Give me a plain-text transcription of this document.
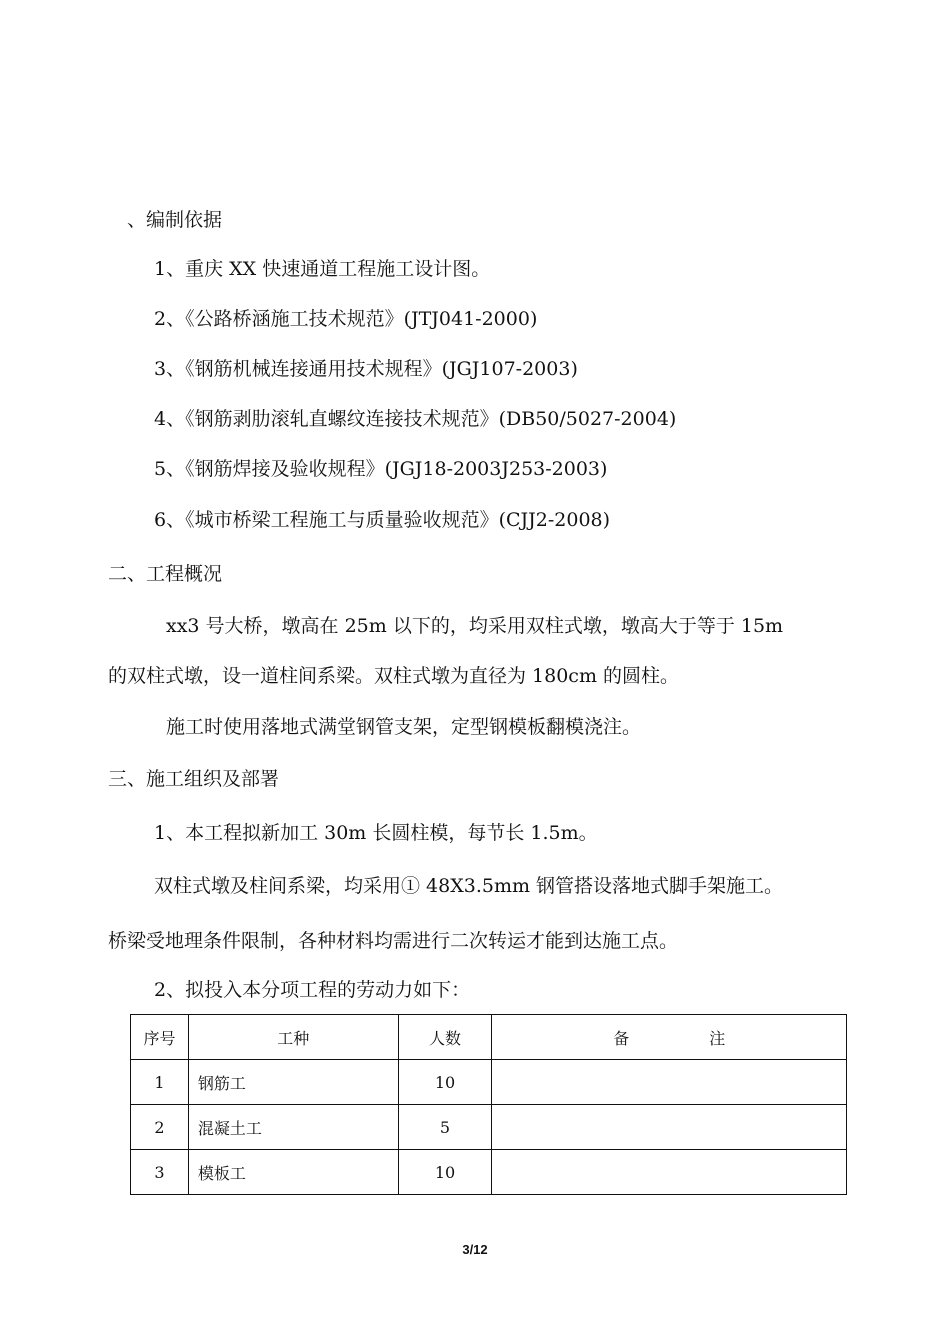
、编制依据
1、重庆 XX 快速通道工程施工设计图。
2、《公路桥涵施工技术规范》(JTJ041-2000)
3、《钢筋机械连接通用技术规程》(JGJ107-2003)
4、《钢筋剥肋滚轧直螺纹连接技术规范》(DB50/5027-2004)
5、《钢筋焊接及验收规程》(JGJ18-2003J253-2003)
6、《城市桥梁工程施工与质量验收规范》(CJJ2-2008)
二、工程概况
xx3 号大桥，墩高在 25m 以下的，均采用双柱式墩，墩高大于等于 15m
的双柱式墩，设一道柱间系梁。双柱式墩为直径为 180cm 的圆柱。
施工时使用落地式满堂钢管支架，定型钢模板翻模浇注。
三、施工组织及部署
1、本工程拟新加工 30m 长圆柱模，每节长 1.5m。
双柱式墩及柱间系梁，均采用① 48X3.5mm 钢管搭设落地式脚手架施工。
桥梁受地理条件限制，各种材料均需进行二次转运才能到达施工点。
2、拟投入本分项工程的劳动力如下：
序号	工种	人数	备　　　　　注
1	钢筋工	10	
2	混凝土工	5	
3	模板工	10	
3/12
